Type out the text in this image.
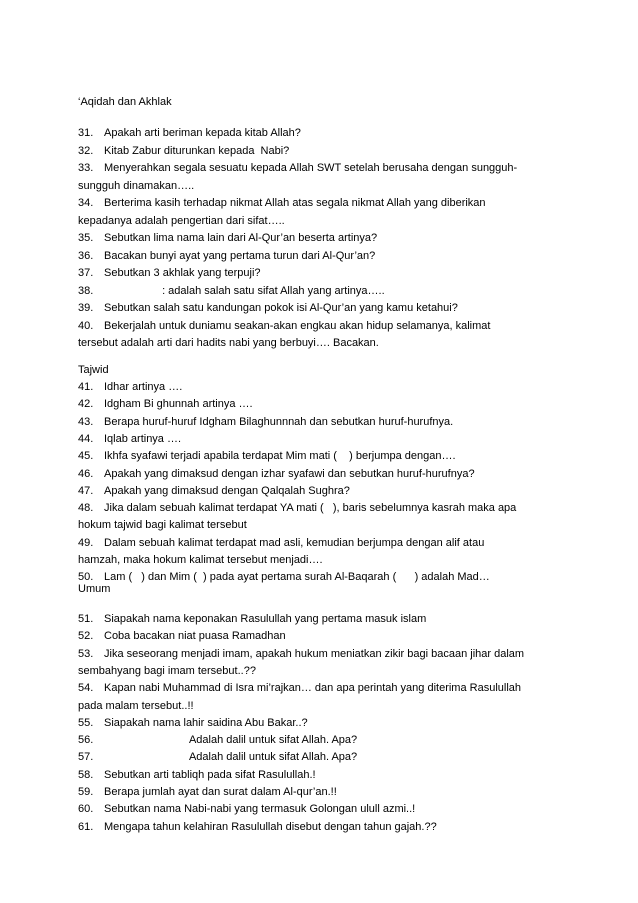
‘Aqidah dan Akhlak
31. Apakah arti beriman kepada kitab Allah?
32. Kitab Zabur diturunkan kepada  Nabi?
33. Menyerahkan segala sesuatu kepada Allah SWT setelah berusaha dengan sungguh-
sungguh dinamakan…..
34. Berterima kasih terhadap nikmat Allah atas segala nikmat Allah yang diberikan
kepadanya adalah pengertian dari sifat…..
35. Sebutkan lima nama lain dari Al-Qur’an beserta artinya?
36. Bacakan bunyi ayat yang pertama turun dari Al-Qur’an?
37. Sebutkan 3 akhlak yang terpuji?
38.                   : adalah salah satu sifat Allah yang artinya…..
39. Sebutkan salah satu kandungan pokok isi Al-Qur’an yang kamu ketahui?
40. Bekerjalah untuk duniamu seakan-akan engkau akan hidup selamanya, kalimat
tersebut adalah arti dari hadits nabi yang berbuyi…. Bacakan.
Tajwid
41. Idhar artinya ….
42. Idgham Bi ghunnah artinya ….
43. Berapa huruf-huruf Idgham Bilaghunnnah dan sebutkan huruf-hurufnya.
44. Iqlab artinya ….
45. Ikhfa syafawi terjadi apabila terdapat Mim mati (    ) berjumpa dengan….
46. Apakah yang dimaksud dengan izhar syafawi dan sebutkan huruf-hurufnya?
47. Apakah yang dimaksud dengan Qalqalah Sughra?
48. Jika dalam sebuah kalimat terdapat YA mati (   ), baris sebelumnya kasrah maka apa
hokum tajwid bagi kalimat tersebut
49. Dalam sebuah kalimat terdapat mad asli, kemudian berjumpa dengan alif atau
hamzah, maka hokum kalimat tersebut menjadi….
50. Lam (   ) dan Mim (  ) pada ayat pertama surah Al-Baqarah (      ) adalah Mad…
Umum
51. Siapakah nama keponakan Rasulullah yang pertama masuk islam
52. Coba bacakan niat puasa Ramadhan
53. Jika seseorang menjadi imam, apakah hukum meniatkan zikir bagi bacaan jihar dalam
sembahyang bagi imam tersebut..??
54. Kapan nabi Muhammad di Isra mi’rajkan… dan apa perintah yang diterima Rasulullah
pada malam tersebut..!!
55. Siapakah nama lahir saidina Abu Bakar..?
56.                            Adalah dalil untuk sifat Allah. Apa?
57.                            Adalah dalil untuk sifat Allah. Apa?
58. Sebutkan arti tabliqh pada sifat Rasulullah.!
59. Berapa jumlah ayat dan surat dalam Al-qur’an.!!
60. Sebutkan nama Nabi-nabi yang termasuk Golongan ulull azmi..!
61. Mengapa tahun kelahiran Rasulullah disebut dengan tahun gajah.??
